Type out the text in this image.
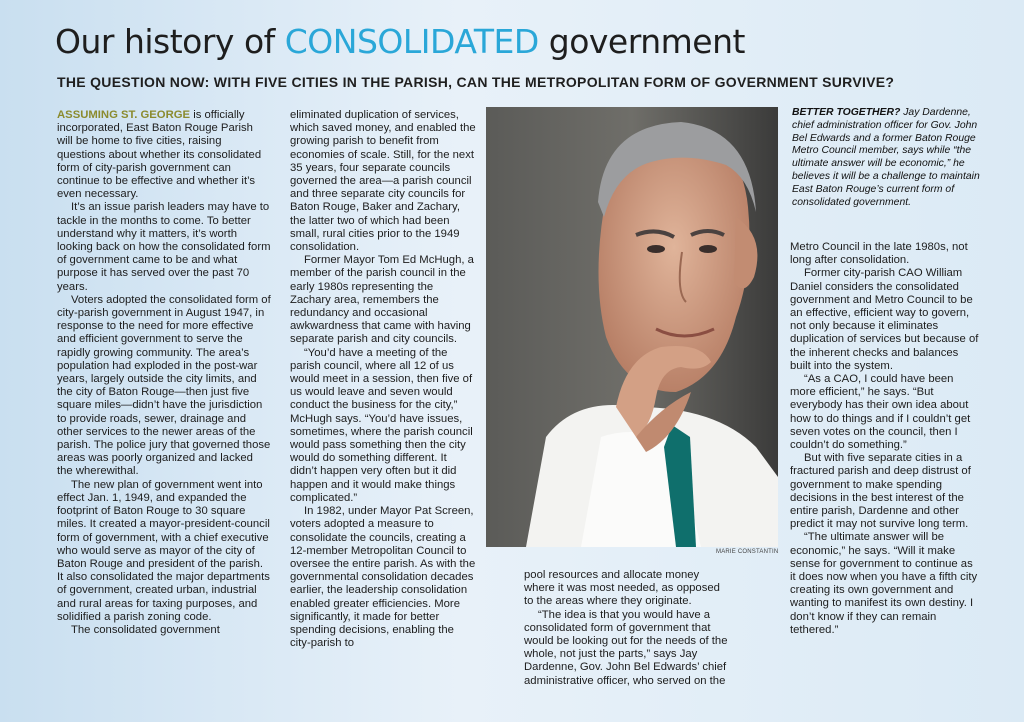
Our history of CONSOLIDATED government
THE QUESTION NOW: WITH FIVE CITIES IN THE PARISH, CAN THE METROPOLITAN FORM OF GOVERNMENT SURVIVE?

ASSUMING ST. GEORGE is officially incorporated, East Baton Rouge Parish will be home to five cities, raising questions about whether its consolidated form of city-parish government can continue to be effective and whether it’s even necessary.

It’s an issue parish leaders may have to tackle in the months to come. To better understand why it matters, it’s worth looking back on how the consolidated form of government came to be and what purpose it has served over the past 70 years.

Voters adopted the consolidated form of city-parish government in August 1947, in response to the need for more effective and efficient government to serve the rapidly growing community. The area’s population had exploded in the post-war years, largely outside the city limits, and the city of Baton Rouge—then just five square miles—didn’t have the jurisdiction to provide roads, sewer, drainage and other services to the newer areas of the parish. The police jury that governed those areas was poorly organized and lacked the wherewithal.

The new plan of government went into effect Jan. 1, 1949, and expanded the footprint of Baton Rouge to 30 square miles. It created a mayor-president-council form of government, with a chief executive who would serve as mayor of the city of Baton Rouge and president of the parish. It also consolidated the major departments of government, created urban, industrial and rural areas for taxing purposes, and solidified a parish zoning code.

The consolidated government

eliminated duplication of services, which saved money, and enabled the growing parish to benefit from economies of scale. Still, for the next 35 years, four separate councils governed the area—a parish council and three separate city councils for Baton Rouge, Baker and Zachary, the latter two of which had been small, rural cities prior to the 1949 consolidation.

Former Mayor Tom Ed McHugh, a member of the parish council in the early 1980s representing the Zachary area, remembers the redundancy and occasional awkwardness that came with having separate parish and city councils.

“You’d have a meeting of the parish council, where all 12 of us would meet in a session, then five of us would leave and seven would conduct the business for the city,” McHugh says. “You’d have issues, sometimes, where the parish council would pass something then the city would do something different. It didn’t happen very often but it did happen and it would make things complicated.”

In 1982, under Mayor Pat Screen, voters adopted a measure to consolidate the councils, creating a 12-member Metropolitan Council to oversee the entire parish. As with the governmental consolidation decades earlier, the leadership consolidation enabled greater efficiencies. More significantly, it made for better spending decisions, enabling the city-parish to

MARIE CONSTANTIN
BETTER TOGETHER? Jay Dardenne, chief administration officer for Gov. John Bel Edwards and a former Baton Rouge Metro Council member, says while “the ultimate answer will be economic,” he believes it will be a challenge to maintain East Baton Rouge’s current form of consolidated government.

pool resources and allocate money where it was most needed, as opposed to the areas where they originate.

“The idea is that you would have a consolidated form of government that would be looking out for the needs of the whole, not just the parts,” says Jay Dardenne, Gov. John Bel Edwards’ chief administrative officer, who served on the

Metro Council in the late 1980s, not long after consolidation.

Former city-parish CAO William Daniel considers the consolidated government and Metro Council to be an effective, efficient way to govern, not only because it eliminates duplication of services but because of the inherent checks and balances built into the system.

“As a CAO, I could have been more efficient,” he says. “But everybody has their own idea about how to do things and if I couldn’t get seven votes on the council, then I couldn’t do something.”

But with five separate cities in a fractured parish and deep distrust of government to make spending decisions in the best interest of the entire parish, Dardenne and other predict it may not survive long term.

“The ultimate answer will be economic,” he says. “Will it make sense for government to continue as it does now when you have a fifth city creating its own government and wanting to manifest its own destiny. I don’t know if they can remain tethered.”
